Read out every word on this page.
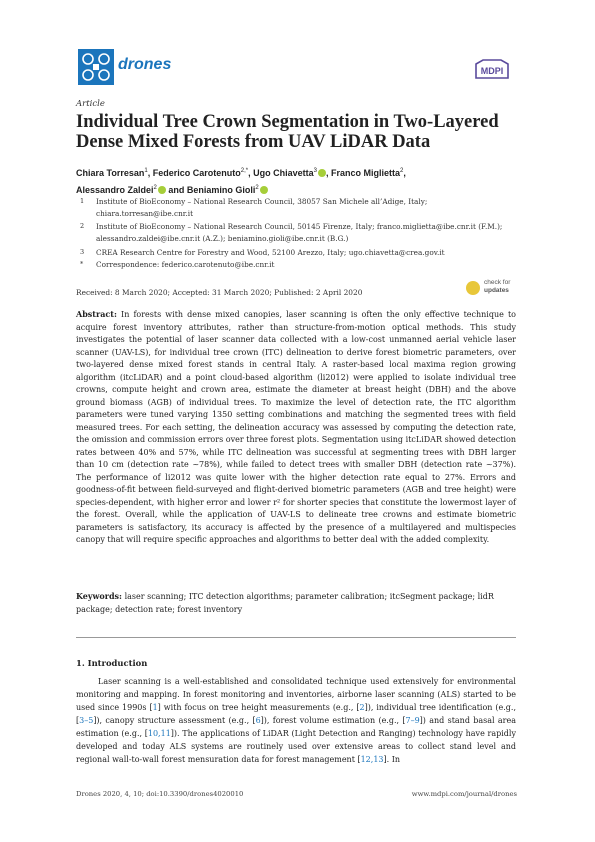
drones	MDPI
Article
Individual Tree Crown Segmentation in Two-Layered Dense Mixed Forests from UAV LiDAR Data
Chiara Torresan$^1$, Federico Carotenuto$^{2,*}$, Ugo Chiavetta$^3$ , Franco Miglietta$^2$,
Alessandro Zaldei$^2$ and Beniamino Gioli$^2$
1 Institute of BioEconomy – National Research Council, 38057 San Michele all’Adige, Italy; chiara.torresan@ibe.cnr.it
2 Institute of BioEconomy – National Research Council, 50145 Firenze, Italy; franco.miglietta@ibe.cnr.it (F.M.); alessandro.zaldei@ibe.cnr.it (A.Z.); beniamino.gioli@ibe.cnr.it (B.G.)
3 CREA Research Centre for Forestry and Wood, 52100 Arezzo, Italy; ugo.chiavetta@crea.gov.it
* Correspondence: federico.carotenuto@ibe.cnr.it
Received: 8 March 2020; Accepted: 31 March 2020; Published: 2 April 2020
check for
updates
Abstract: In forests with dense mixed canopies, laser scanning is often the only effective technique to acquire forest inventory attributes, rather than structure-from-motion optical methods. This study investigates the potential of laser scanner data collected with a low-cost unmanned aerial vehicle laser scanner (UAV-LS), for individual tree crown (ITC) delineation to derive forest biometric parameters, over two-layered dense mixed forest stands in central Italy. A raster-based local maxima region growing algorithm (itcLiDAR) and a point cloud-based algorithm (li2012) were applied to isolate individual tree crowns, compute height and crown area, estimate the diameter at breast height (DBH) and the above ground biomass (AGB) of individual trees. To maximize the level of detection rate, the ITC algorithm parameters were tuned varying 1350 setting combinations and matching the segmented trees with field measured trees. For each setting, the delineation accuracy was assessed by computing the detection rate, the omission and commission errors over three forest plots. Segmentation using itcLiDAR showed detection rates between 40% and 57%, while ITC delineation was successful at segmenting trees with DBH larger than 10 cm (detection rate ~78%), while failed to detect trees with smaller DBH (detection rate ~37%). The performance of li2012 was quite lower with the higher detection rate equal to 27%. Errors and goodness-of-fit between field-surveyed and flight-derived biometric parameters (AGB and tree height) were species-dependent, with higher error and lower r² for shorter species that constitute the lowermost layer of the forest. Overall, while the application of UAV-LS to delineate tree crowns and estimate biometric parameters is satisfactory, its accuracy is affected by the presence of a multilayered and multispecies canopy that will require specific approaches and algorithms to better deal with the added complexity.
Keywords: laser scanning; ITC detection algorithms; parameter calibration; itcSegment package; lidR package; detection rate; forest inventory
1. Introduction
Laser scanning is a well-established and consolidated technique used extensively for environmental monitoring and mapping. In forest monitoring and inventories, airborne laser scanning (ALS) started to be used since 1990s [1] with focus on tree height measurements (e.g., [2]), individual tree identification (e.g., [3–5]), canopy structure assessment (e.g., [6]), forest volume estimation (e.g., [7–9]) and stand basal area estimation (e.g., [10,11]). The applications of LiDAR (Light Detection and Ranging) technology have rapidly developed and today ALS systems are routinely used over extensive areas to collect stand level and regional wall-to-wall forest mensuration data for forest management [12,13]. In
Drones 2020, 4, 10; doi:10.3390/drones4020010	www.mdpi.com/journal/drones
